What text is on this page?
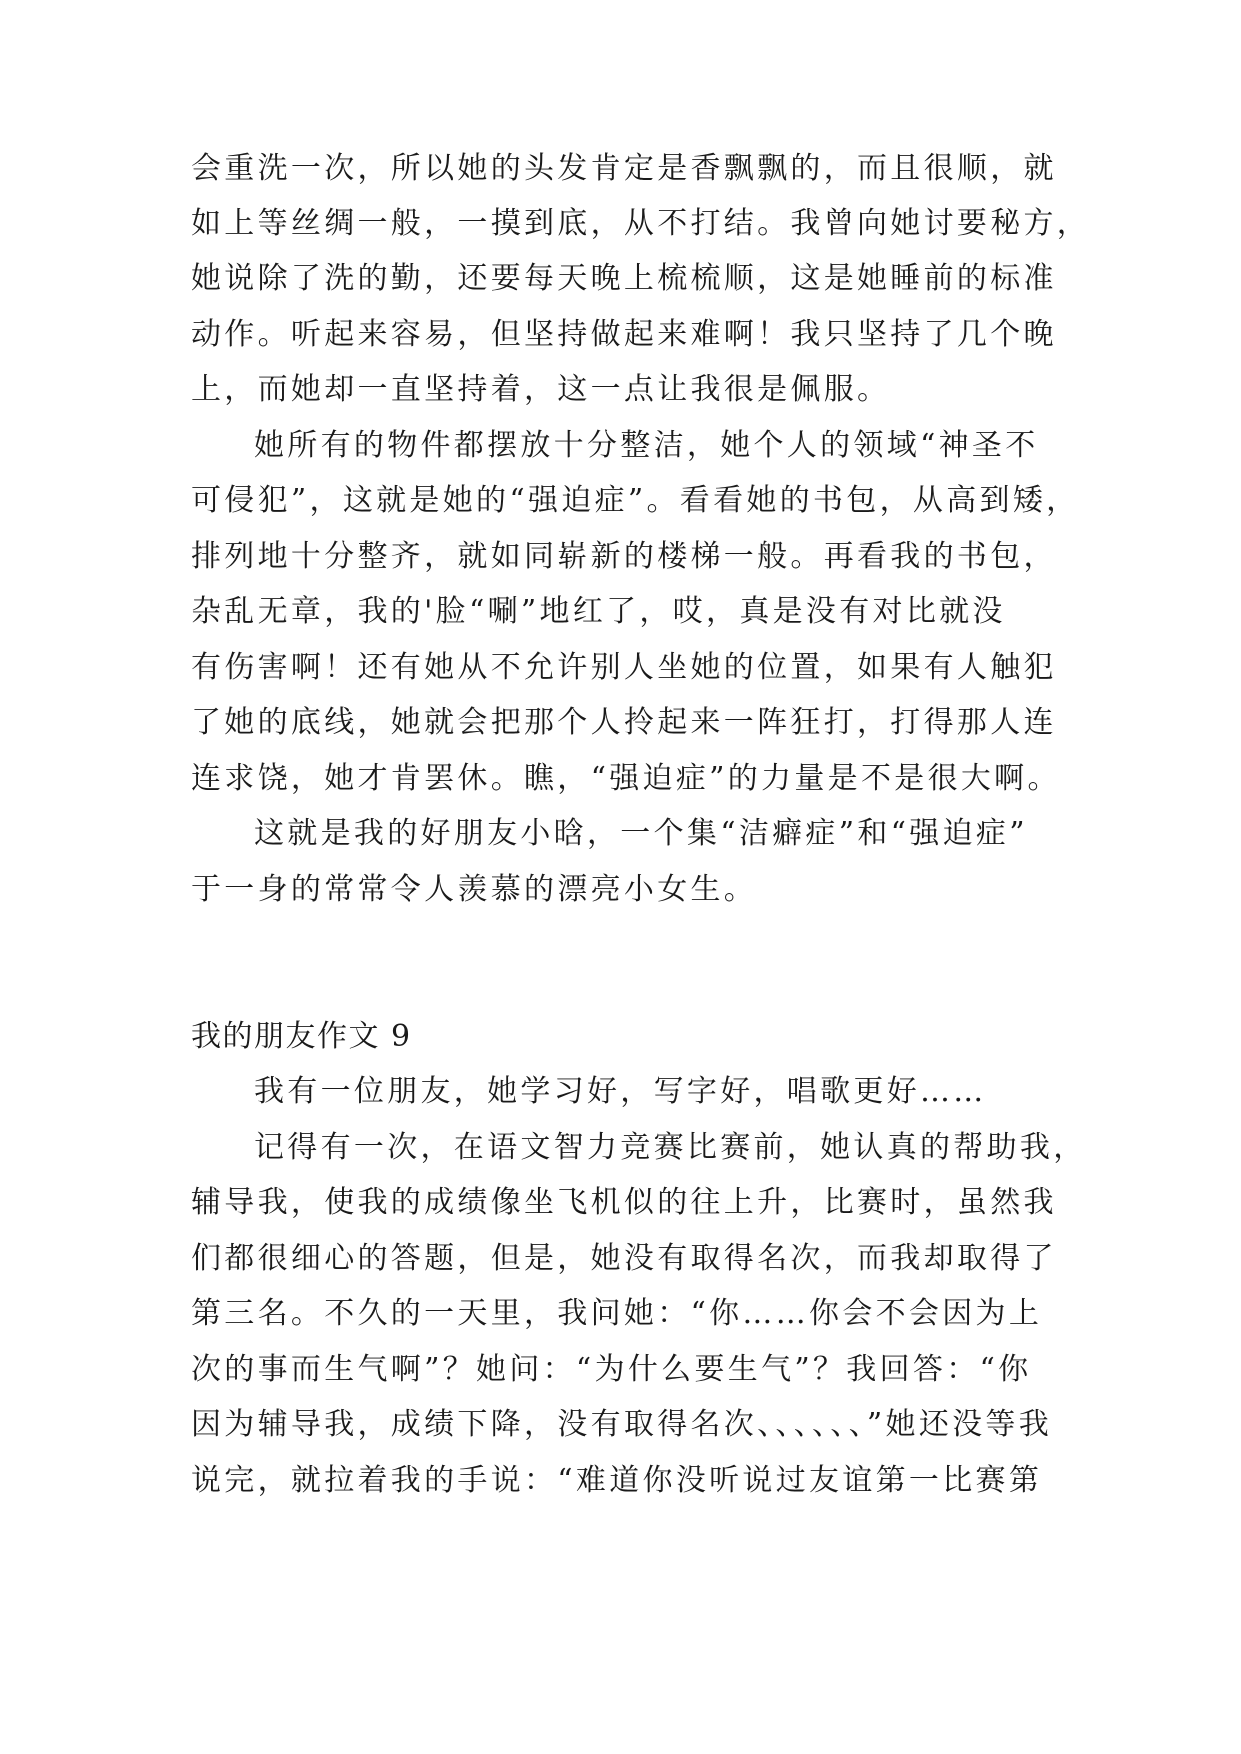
会重洗一次，所以她的头发肯定是香飘飘的，而且很顺，就
如上等丝绸一般，一摸到底，从不打结。我曾向她讨要秘方，
她说除了洗的勤，还要每天晚上梳梳顺，这是她睡前的标准
动作。听起来容易，但坚持做起来难啊！我只坚持了几个晚
上，而她却一直坚持着，这一点让我很是佩服。
她所有的物件都摆放十分整洁，她个人的领域“神圣不
可侵犯”，这就是她的“强迫症”。看看她的书包，从高到矮，
排列地十分整齐，就如同崭新的楼梯一般。再看我的书包，
杂乱无章，我的'脸“唰”地红了，哎，真是没有对比就没
有伤害啊！还有她从不允许别人坐她的位置，如果有人触犯
了她的底线，她就会把那个人拎起来一阵狂打，打得那人连
连求饶，她才肯罢休。瞧，“强迫症”的力量是不是很大啊。
这就是我的好朋友小晗，一个集“洁癖症”和“强迫症”
于一身的常常令人羡慕的漂亮小女生。
我的朋友作文 9
我有一位朋友，她学习好，写字好，唱歌更好……
记得有一次，在语文智力竞赛比赛前，她认真的帮助我，
辅导我，使我的成绩像坐飞机似的往上升，比赛时，虽然我
们都很细心的答题，但是，她没有取得名次，而我却取得了
第三名。不久的一天里，我问她：“你……你会不会因为上
次的事而生气啊”？她问：“为什么要生气”？我回答：“你
因为辅导我，成绩下降，没有取得名次、、、、、、”她还没等我
说完，就拉着我的手说：“难道你没听说过友谊第一比赛第
